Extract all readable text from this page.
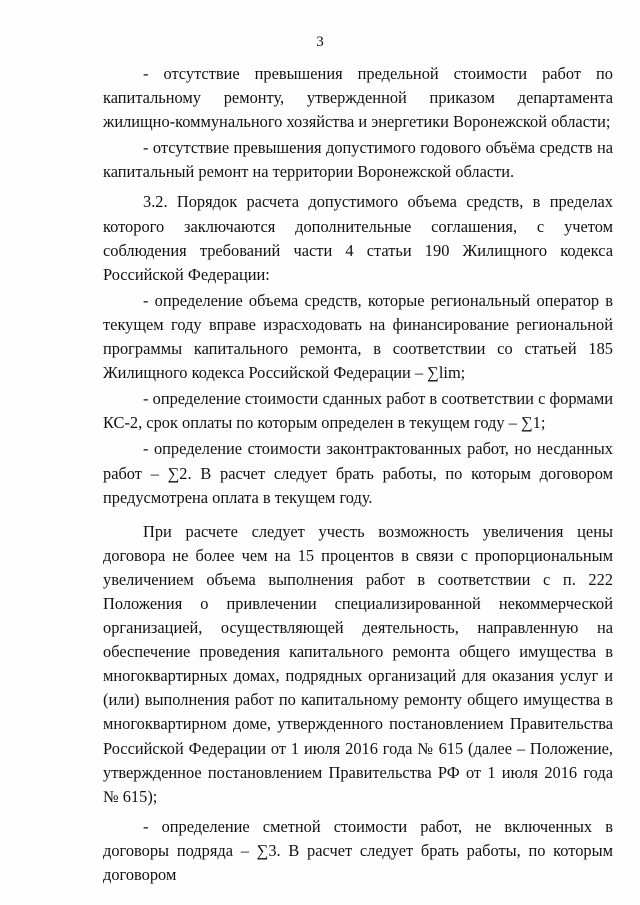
3

- отсутствие превышения предельной стоимости работ по капитальному ремонту, утвержденной приказом департамента жилищно-коммунального хозяйства и энергетики Воронежской области;

- отсутствие превышения допустимого годового объёма средств на капитальный ремонт на территории Воронежской области.

3.2. Порядок расчета допустимого объема средств, в пределах которого заключаются дополнительные соглашения, с учетом соблюдения требований части 4 статьи 190 Жилищного кодекса Российской Федерации:

- определение объема средств, которые региональный оператор в текущем году вправе израсходовать на финансирование региональной программы капитального ремонта, в соответствии со статьей 185 Жилищного кодекса Российской Федерации – ∑lim;

- определение стоимости сданных работ в соответствии с формами КС-2, срок оплаты по которым определен в текущем году – ∑1;

- определение стоимости законтрактованных работ, но несданных работ – ∑2. В расчет следует брать работы, по которым договором предусмотрена оплата в текущем году.

При расчете следует учесть возможность увеличения цены договора не более чем на 15 процентов в связи с пропорциональным увеличением объема выполнения работ в соответствии с п. 222 Положения о привлечении специализированной некоммерческой организацией, осуществляющей деятельность, направленную на обеспечение проведения капитального ремонта общего имущества в многоквартирных домах, подрядных организаций для оказания услуг и (или) выполнения работ по капитальному ремонту общего имущества в многоквартирном доме, утвержденного постановлением Правительства Российской Федерации от 1 июля 2016 года № 615 (далее – Положение, утвержденное постановлением Правительства РФ от 1 июля 2016 года № 615);

- определение сметной стоимости работ, не включенных в договоры подряда – ∑3. В расчет следует брать работы, по которым договором
